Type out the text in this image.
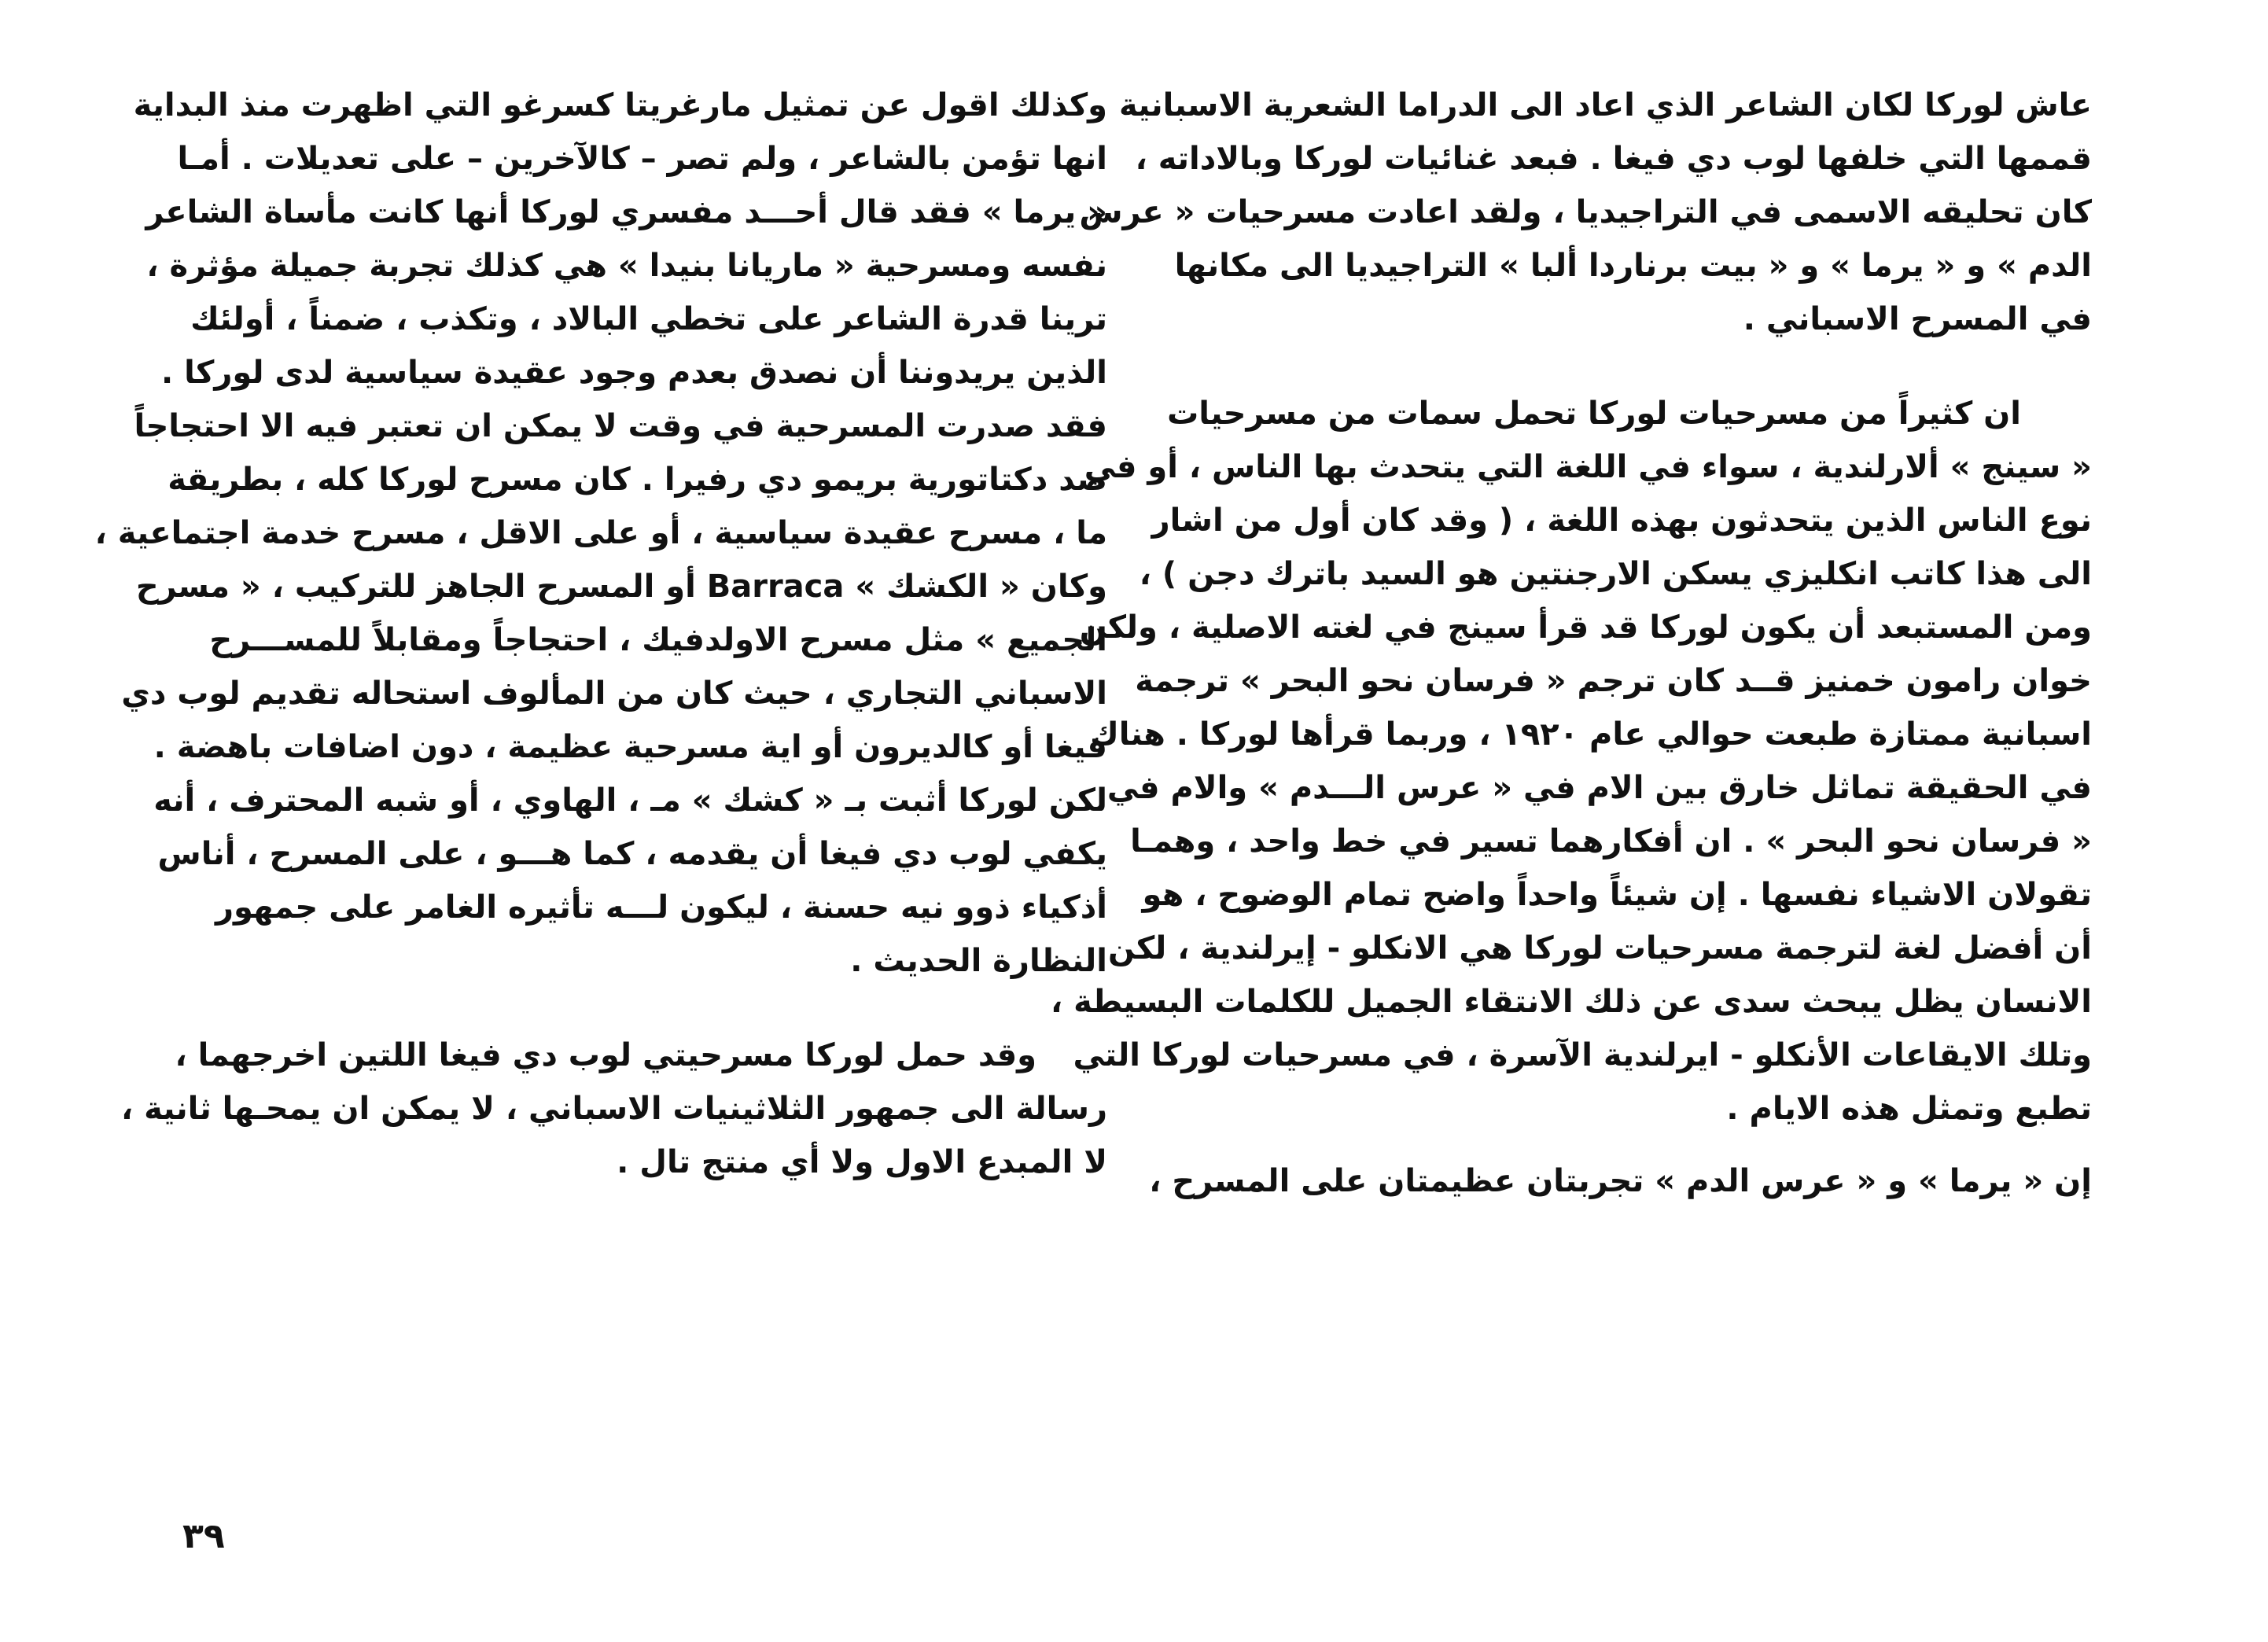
عاش لوركا لكان الشاعر الذي اعاد الى الدراما الشعرية الاسبانية
قممها التي خلفها لوب دي فيغا . فبعد غنائيات لوركا وبالاداته ،
كان تحليقه الاسمى في التراجيديا ، ولقد اعادت مسرحيات « عرس
الدم » و « يرما » و « بيت برناردا ألبا » التراجيديا الى مكانها
في المسرح الاسباني .
ان كثيراً من مسرحيات لوركا تحمل سمات من مسرحيات
« سينج » ألارلندية ، سواء في اللغة التي يتحدث بها الناس ، أو في
نوع الناس الذين يتحدثون بهذه اللغة ، ( وقد كان أول من اشار
الى هذا كاتب انكليزي يسكن الارجنتين هو السيد باترك دجن ) ،
ومن المستبعد أن يكون لوركا قد قرأ سينج في لغته الاصلية ، ولكن
خوان رامون خمنيز قــد كان ترجم « فرسان نحو البحر » ترجمة
اسبانية ممتازة طبعت حوالي عام ١٩٢٠ ، وربما قرأها لوركا . هناك
في الحقيقة تماثل خارق بين الام في « عرس الـــدم » والام في
« فرسان نحو البحر » . ان أفكارهما تسير في خط واحد ، وهمـا
تقولان الاشياء نفسها . إن شيئاً واحداً واضح تمام الوضوح ، هو
أن أفضل لغة لترجمة مسرحيات لوركا هي الانكلو - إيرلندية ، لكن
الانسان يظل يبحث سدى عن ذلك الانتقاء الجميل للكلمات البسيطة ،
وتلك الايقاعات الأنكلو - ايرلندية الآسرة ، في مسرحيات لوركا التي
تطبع وتمثل هذه الايام .
إن « يرما » و « عرس الدم » تجربتان عظيمتان على المسرح ،
وكذلك اقول عن تمثيل مارغريتا كسرغو التي اظهرت منذ البداية
انها تؤمن بالشاعر ، ولم تصر – كالآخرين – على تعديلات . أمـا
« يرما » فقد قال أحـــد مفسري لوركا أنها كانت مأساة الشاعر
نفسه ومسرحية « ماريانا بنيدا » هي كذلك تجربة جميلة مؤثرة ،
ترينا قدرة الشاعر على تخطي البالاد ، وتكذب ، ضمناً ، أولئك
الذين يريدوننا أن نصدق بعدم وجود عقيدة سياسية لدى لوركا .
فقد صدرت المسرحية في وقت لا يمكن ان تعتبر فيه الا احتجاجاً
ضد دكتاتورية بريمو دي رفيرا . كان مسرح لوركا كله ، بطريقة
ما ، مسرح عقيدة سياسية ، أو على الاقل ، مسرح خدمة اجتماعية ،
وكان « الكشك » Barraca أو المسرح الجاهز للتركيب ، « مسرح
الجميع » مثل مسرح الاولدفيك ، احتجاجاً ومقابلاً للمســـرح
الاسباني التجاري ، حيث كان من المألوف استحاله تقديم لوب دي
فيغا أو كالديرون أو اية مسرحية عظيمة ، دون اضافات باهضة .
لكن لوركا أثبت بـ « كشك » مـ ، الهاوي ، أو شبه المحترف ، أنه
يكفي لوب دي فيغا أن يقدمه ، كما هـــو ، على المسرح ، أناس
أذكياء ذوو نيه حسنة ، ليكون لـــه تأثيره الغامر على جمهور
النظارة الحديث .
وقد حمل لوركا مسرحيتي لوب دي فيغا اللتين اخرجهما ،
رسالة الى جمهور الثلاثينيات الاسباني ، لا يمكن ان يمحـها ثانية ،
لا المبدع الاول ولا أي منتج تال .
٣٩
